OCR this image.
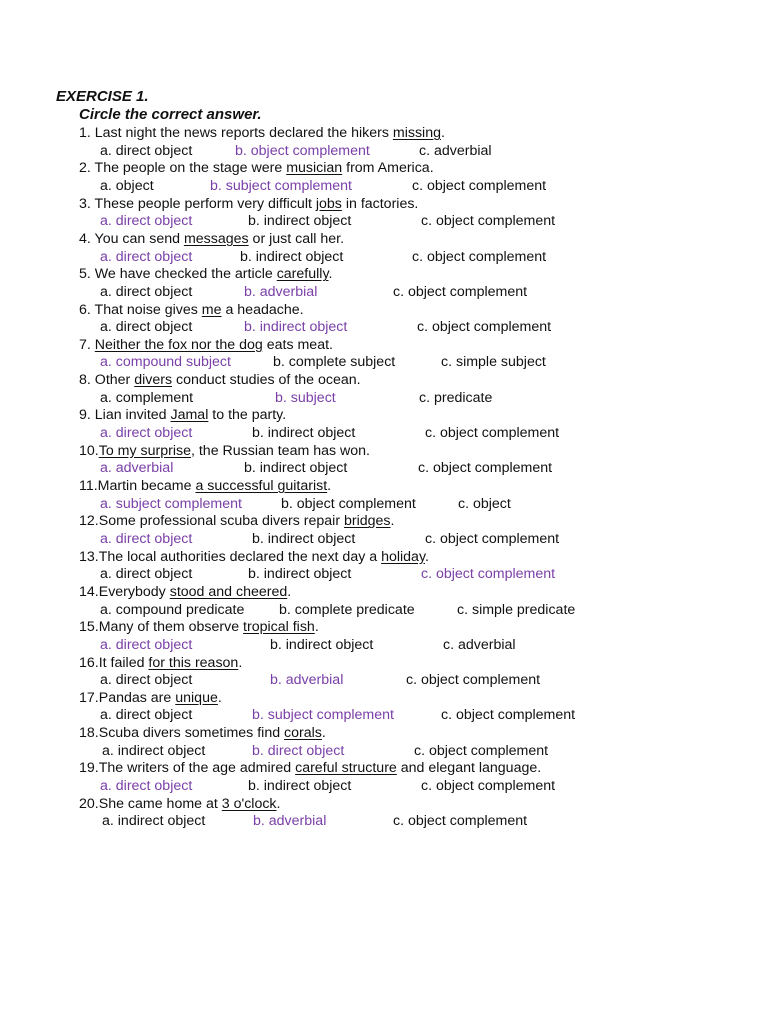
EXERCISE 1.
Circle the correct answer.
1. Last night the news reports declared the hikers missing.
a. direct object	b. object complement	c. adverbial
2. The people on the stage were musician from America.
a. object	b. subject complement	c. object complement
3. These people perform very difficult jobs in factories.
a. direct object	b. indirect object	c. object complement
4. You can send messages or just call her.
a. direct object	b. indirect object	c. object complement
5. We have checked the article carefully.
a. direct object	b. adverbial	c. object complement
6. That noise gives me a headache.
a. direct object	b. indirect object	c. object complement
7. Neither the fox nor the dog eats meat.
a. compound subject	b. complete subject	c. simple subject
8. Other divers conduct studies of the ocean.
a. complement	b. subject	c. predicate
9. Lian invited Jamal to the party.
a. direct object	b. indirect object	c. object complement
10.To my surprise, the Russian team has won.
a. adverbial	b. indirect object	c. object complement
11.Martin became a successful guitarist.
a. subject complement	b. object complement	c. object
12.Some professional scuba divers repair bridges.
a. direct object	b. indirect object	c. object complement
13.The local authorities declared the next day a holiday.
a. direct object	b. indirect object	c. object complement
14.Everybody stood and cheered.
a. compound predicate b. complete predicate	c. simple predicate
15.Many of them observe tropical fish.
a. direct object	b. indirect object	c. adverbial
16.It failed for this reason.
a. direct object	b. adverbial	c. object complement
17.Pandas are unique.
a. direct object	b. subject complement	c. object complement
18.Scuba divers sometimes find corals.
a. indirect object	b. direct object	c. object complement
19.The writers of the age admired careful structure and elegant language.
a. direct object	b. indirect object	c. object complement
20.She came home at 3 o'clock.
a. indirect object	b. adverbial	c. object complement
